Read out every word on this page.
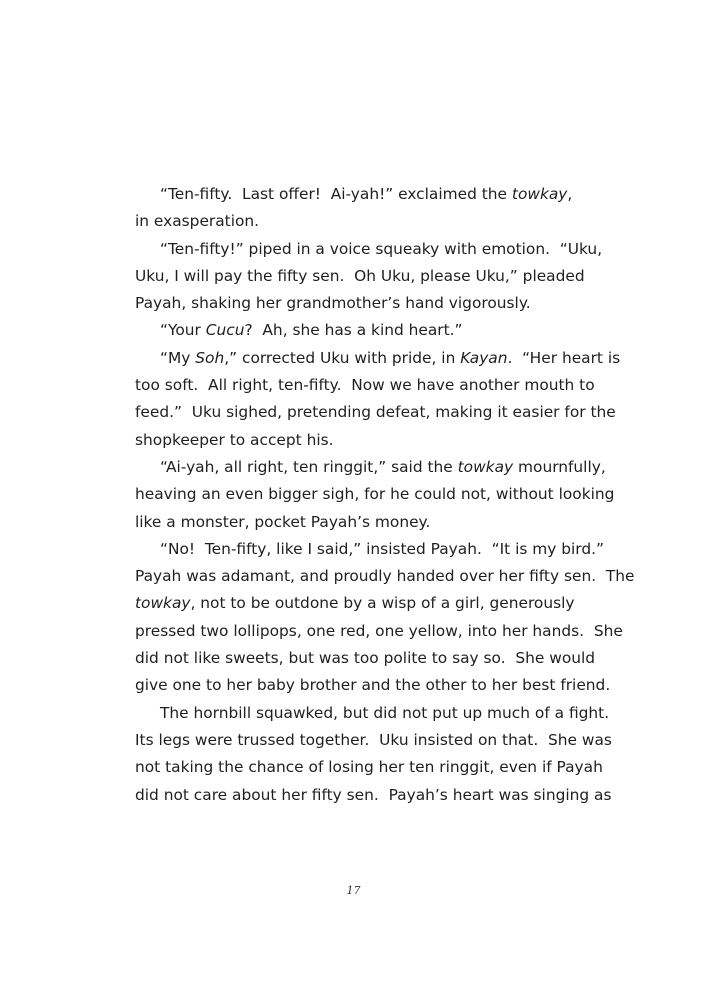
“Ten-fifty.  Last offer!  Ai-yah!” exclaimed the towkay,
in exasperation.
“Ten-fifty!” piped in a voice squeaky with emotion.  “Uku,
Uku, I will pay the fifty sen.  Oh Uku, please Uku,” pleaded
Payah, shaking her grandmother’s hand vigorously.
“Your Cucu?  Ah, she has a kind heart.”
“My Soh,” corrected Uku with pride, in Kayan.  “Her heart is
too soft.  All right, ten-fifty.  Now we have another mouth to
feed.”  Uku sighed, pretending defeat, making it easier for the
shopkeeper to accept his.
“Ai-yah, all right, ten ringgit,” said the towkay mournfully,
heaving an even bigger sigh, for he could not, without looking
like a monster, pocket Payah’s money.
“No!  Ten-fifty, like I said,” insisted Payah.  “It is my bird.”
Payah was adamant, and proudly handed over her fifty sen.  The
towkay, not to be outdone by a wisp of a girl, generously
pressed two lollipops, one red, one yellow, into her hands.  She
did not like sweets, but was too polite to say so.  She would
give one to her baby brother and the other to her best friend.
The hornbill squawked, but did not put up much of a fight.
Its legs were trussed together.  Uku insisted on that.  She was
not taking the chance of losing her ten ringgit, even if Payah
did not care about her fifty sen.  Payah’s heart was singing as
17
